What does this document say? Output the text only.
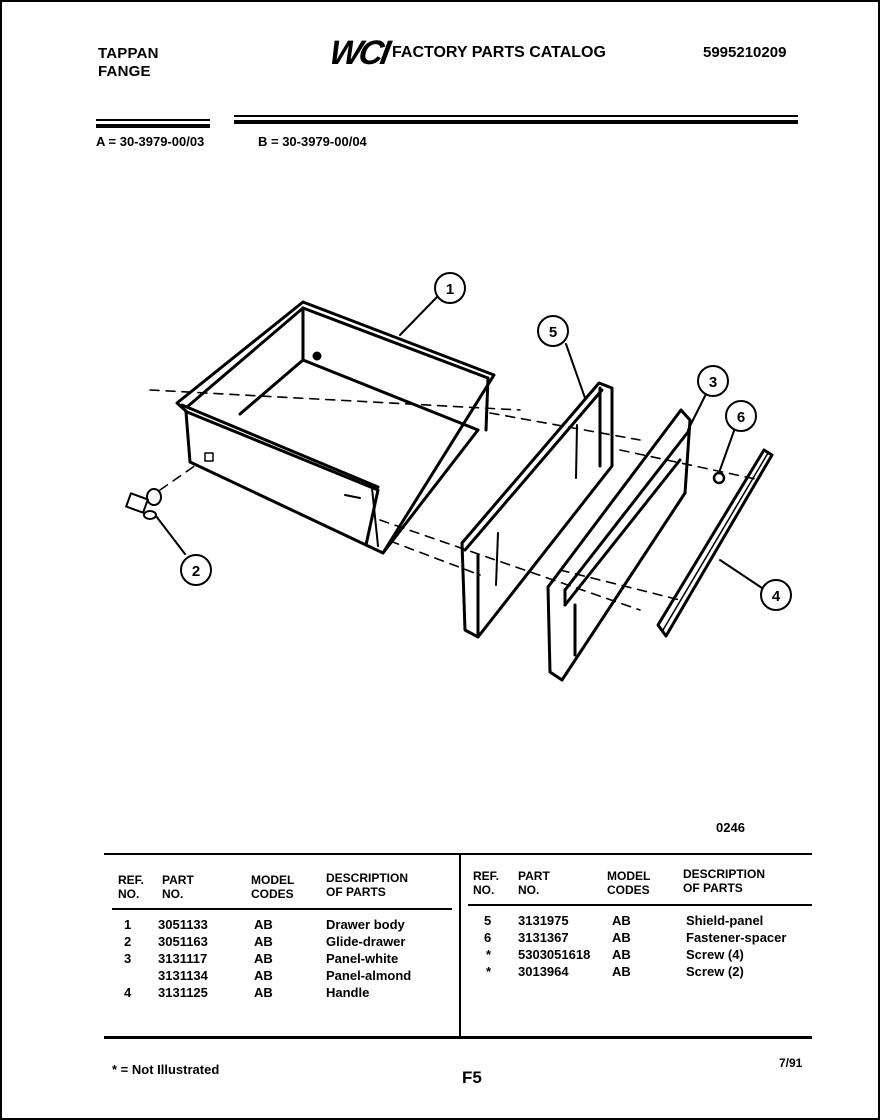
TAPPAN
FANGE	WCI FACTORY PARTS CATALOG	5995210209
A = 30-3979-00/03	B = 30-3979-00/04
1
2
3
4
5
6
0246
REF.
NO.
PART
NO.
MODEL
CODES
DESCRIPTION
OF PARTS
REF.
NO.
PART
NO.
MODEL
CODES
DESCRIPTION
OF PARTS
1 3051133	AB	Drawer body
2 3051163	AB	Glide-drawer
3 3131117	AB	Panel-white
3131134	AB	Panel-almond
4 3131125	AB	Handle
5 3131975	AB	Shield-panel
6 3131367	AB	Fastener-spacer
* 5303051618 AB	Screw (4)
* 3013964	AB	Screw (2)
* = Not Illustrated	F5
7/91
